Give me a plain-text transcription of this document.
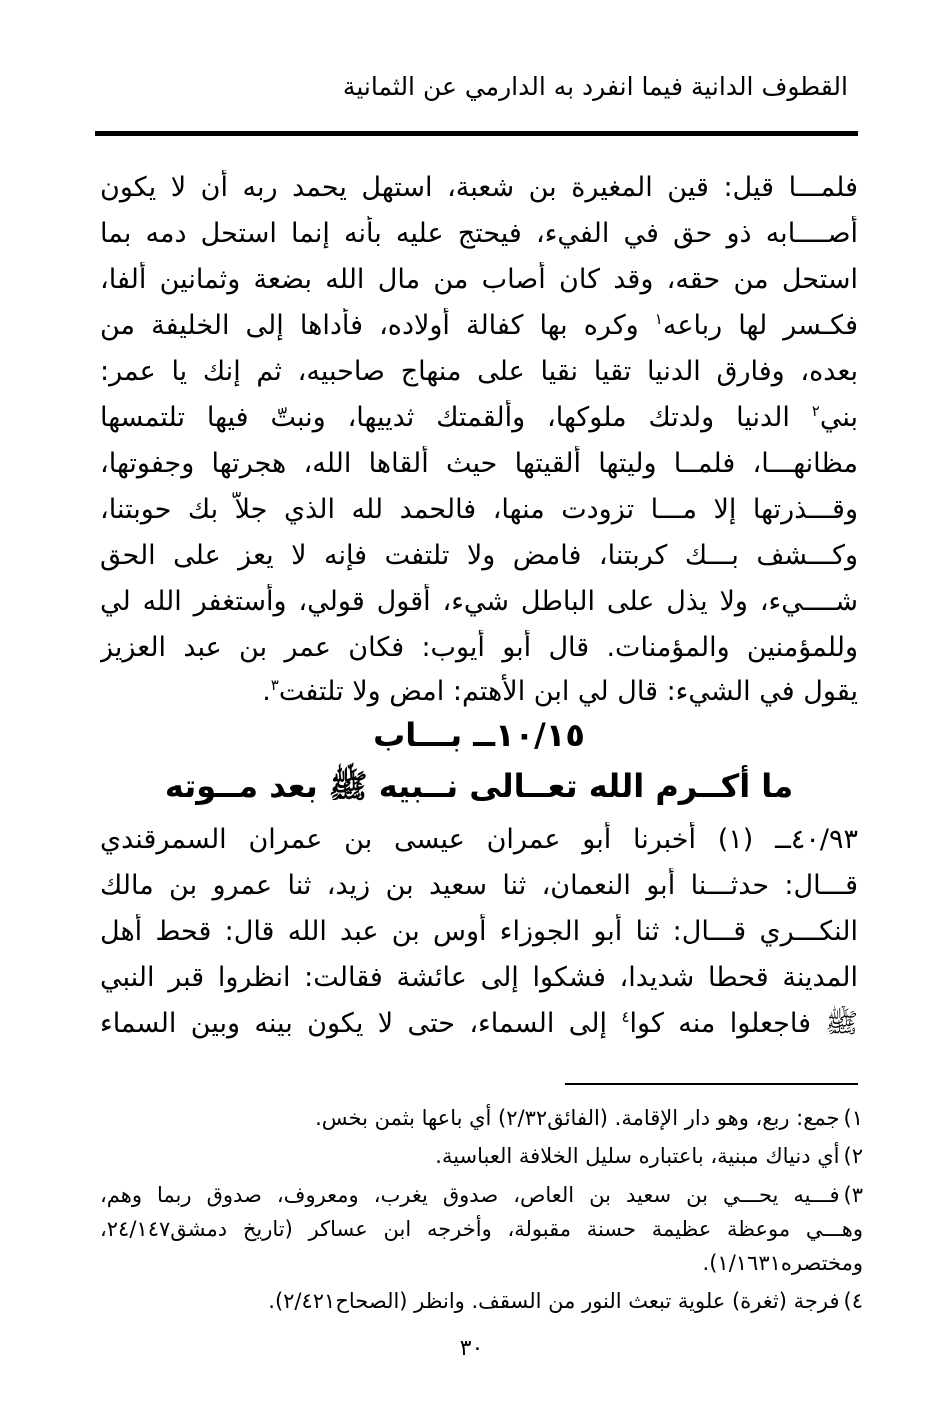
القطوف الدانية فيما انفرد به الدارمي عن الثمانية
فلمـــا قيل: قين المغيرة بن شعبة، استهل يحمد ربه أن لا يكون
أصــــابه ذو حق في الفيء، فيحتج عليه بأنه إنما استحل دمه بما
استحل من حقه، وقد كان أصاب من مال الله بضعة وثمانين ألفا،
فكـسر لها رباعه$^١$ وكره بها كفالة أولاده، فأداها إلى الخليفة من
بعده، وفارق الدنيا تقيا نقيا على منهاج صاحبيه، ثم إنك يا عمر:
بني$^٢$ الدنيا ولدتك ملوكها، وألقمتك ثدييها، ونبتّ فيها تلتمسها
مظانهـــا، فلمــا وليتها ألقيتها حيث ألقاها الله، هجرتها وجفوتها،
وقـــذرتها إلا مـــا تزودت منها، فالحمد لله الذي جلاّ بك حوبتنا،
وكـــشف بـــك كربتنا، فامض ولا تلتفت فإنه لا يعز على الحق
شــــيء، ولا يذل على الباطل شيء، أقول قولي، وأستغفر الله لي
وللمؤمنين والمؤمنات. قال أبو أيوب: فكان عمر بن عبد العزيز
يقول في الشيء: قال لي ابن الأهتم: امض ولا تلتفت$^٣$.
١٠/١٥ــ بـــاب
ما أكــرم الله تعــالى نــبيه ﷺ بعد مــوته
٤٠/٩٣ــ (١) أخبرنا أبو عمران عيسى بن عمران السمرقندي
قـــال: حدثـــنا أبو النعمان، ثنا سعيد بن زيد، ثنا عمرو بن مالك
النكـــري قـــال: ثنا أبو الجوزاء أوس بن عبد الله قال: قحط أهل
المدينة قحطا شديدا، فشكوا إلى عائشة فقالت: انظروا قبر النبي
ﷺ فاجعلوا منه كوا$^٤$ إلى السماء، حتى لا يكون بينه وبين السماء
١)جمع: ربع، وهو دار الإقامة. (الفائق٢/٣٢) أي باعها بثمن بخس.
٢)أي دنياك مبنية، باعتباره سليل الخلافة العباسية.
٣)فـــيه يحـــي بن سعيد بن العاص، صدوق يغرب، ومعروف، صدوق ربما وهم،
وهـــي موعظة عظيمة حسنة مقبولة، وأخرجه ابن عساكر (تاريخ دمشق٢٤/١٤٧،
ومختصره١/١٦٣١).
٤)فرجة (ثغرة) علوية تبعث النور من السقف. وانظر (الصحاح٢/٤٢١).
٣٠
